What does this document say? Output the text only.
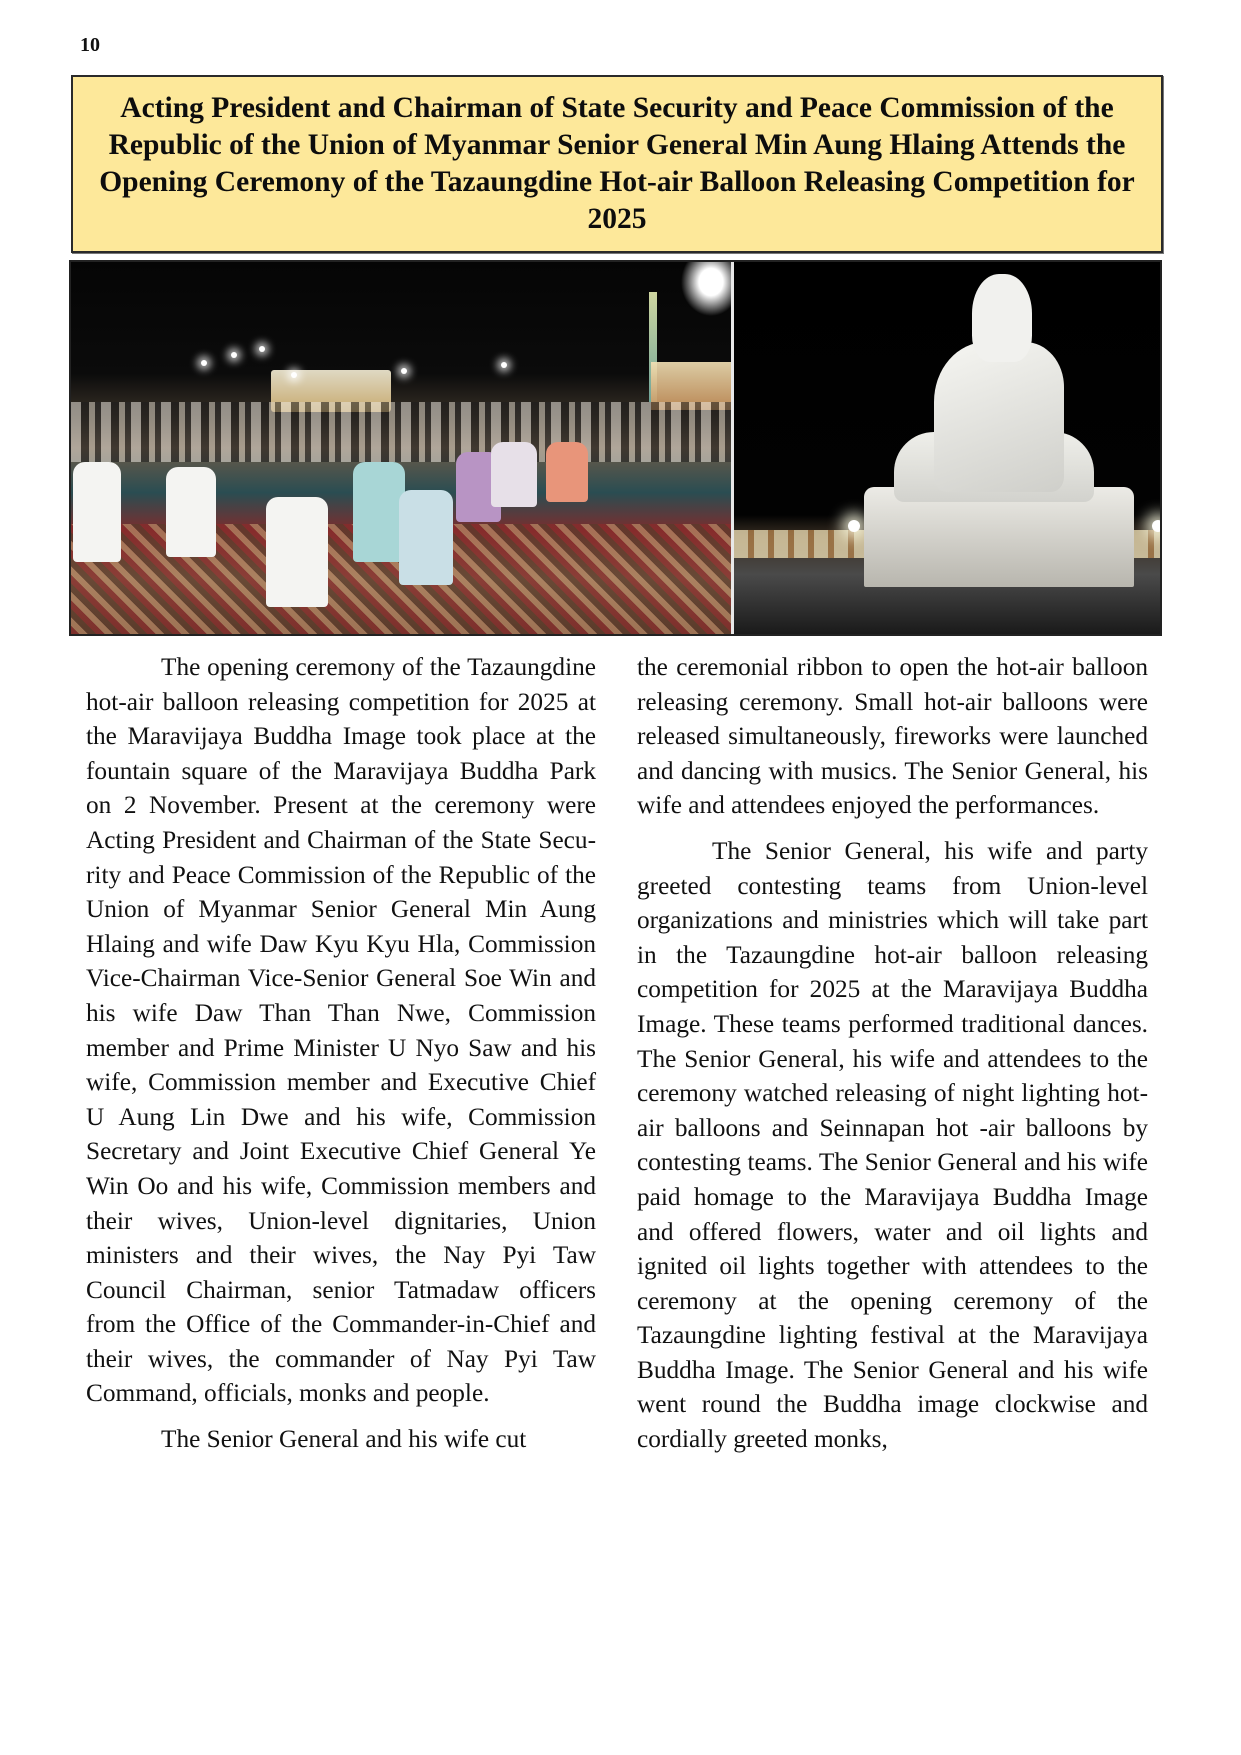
10
Acting President and Chairman of State Security and Peace Commission of the Republic of the Union of Myanmar Senior General Min Aung Hlaing Attends the Opening Ceremony of the Tazaungdine Hot-air Balloon Releasing Competition for 2025

The opening ceremony of the Tazaungdine hot-air balloon releasing competition for 2025 at the Maravijaya Buddha Image took place at the fountain square of the Maravijaya Buddha Park on 2 November. Present at the ceremony were Acting President and Chairman of the State Security and Peace Commission of the Republic of the Union of Myanmar Senior General Min Aung Hlaing and wife Daw Kyu Kyu Hla, Commission Vice-Chairman Vice-Senior General Soe Win and his wife Daw Than Than Nwe, Commission member and Prime Minister U Nyo Saw and his wife, Commission member and Executive Chief U Aung Lin Dwe and his wife, Commission Secretary and Joint Executive Chief General Ye Win Oo and his wife, Commission members and their wives, Union-level dignitaries, Union ministers and their wives, the Nay Pyi Taw Council Chairman, senior Tatmadaw officers from the Office of the Commander-in-Chief and their wives, the commander of Nay Pyi Taw Command, officials, monks and people.

The Senior General and his wife cut

the ceremonial ribbon to open the hot-air balloon releasing ceremony. Small hot-air balloons were released simultaneously, fireworks were launched and dancing with musics. The Senior General, his wife and attendees enjoyed the performances.

The Senior General, his wife and party greeted contesting teams from Union-level organizations and ministries which will take part in the Tazaungdine hot-air balloon releasing competition for 2025 at the Maravijaya Buddha Image. These teams performed traditional dances. The Senior General, his wife and attendees to the ceremony watched releasing of night lighting hot-air balloons and Seinnapan hot -air balloons by contesting teams. The Senior General and his wife paid homage to the Maravijaya Buddha Image and offered flowers, water and oil lights and ignited oil lights together with attendees to the ceremony at the opening ceremony of the Tazaungdine lighting festival at the Maravijaya Buddha Image. The Senior General and his wife went round the Buddha image clockwise and cordially greeted monks,
